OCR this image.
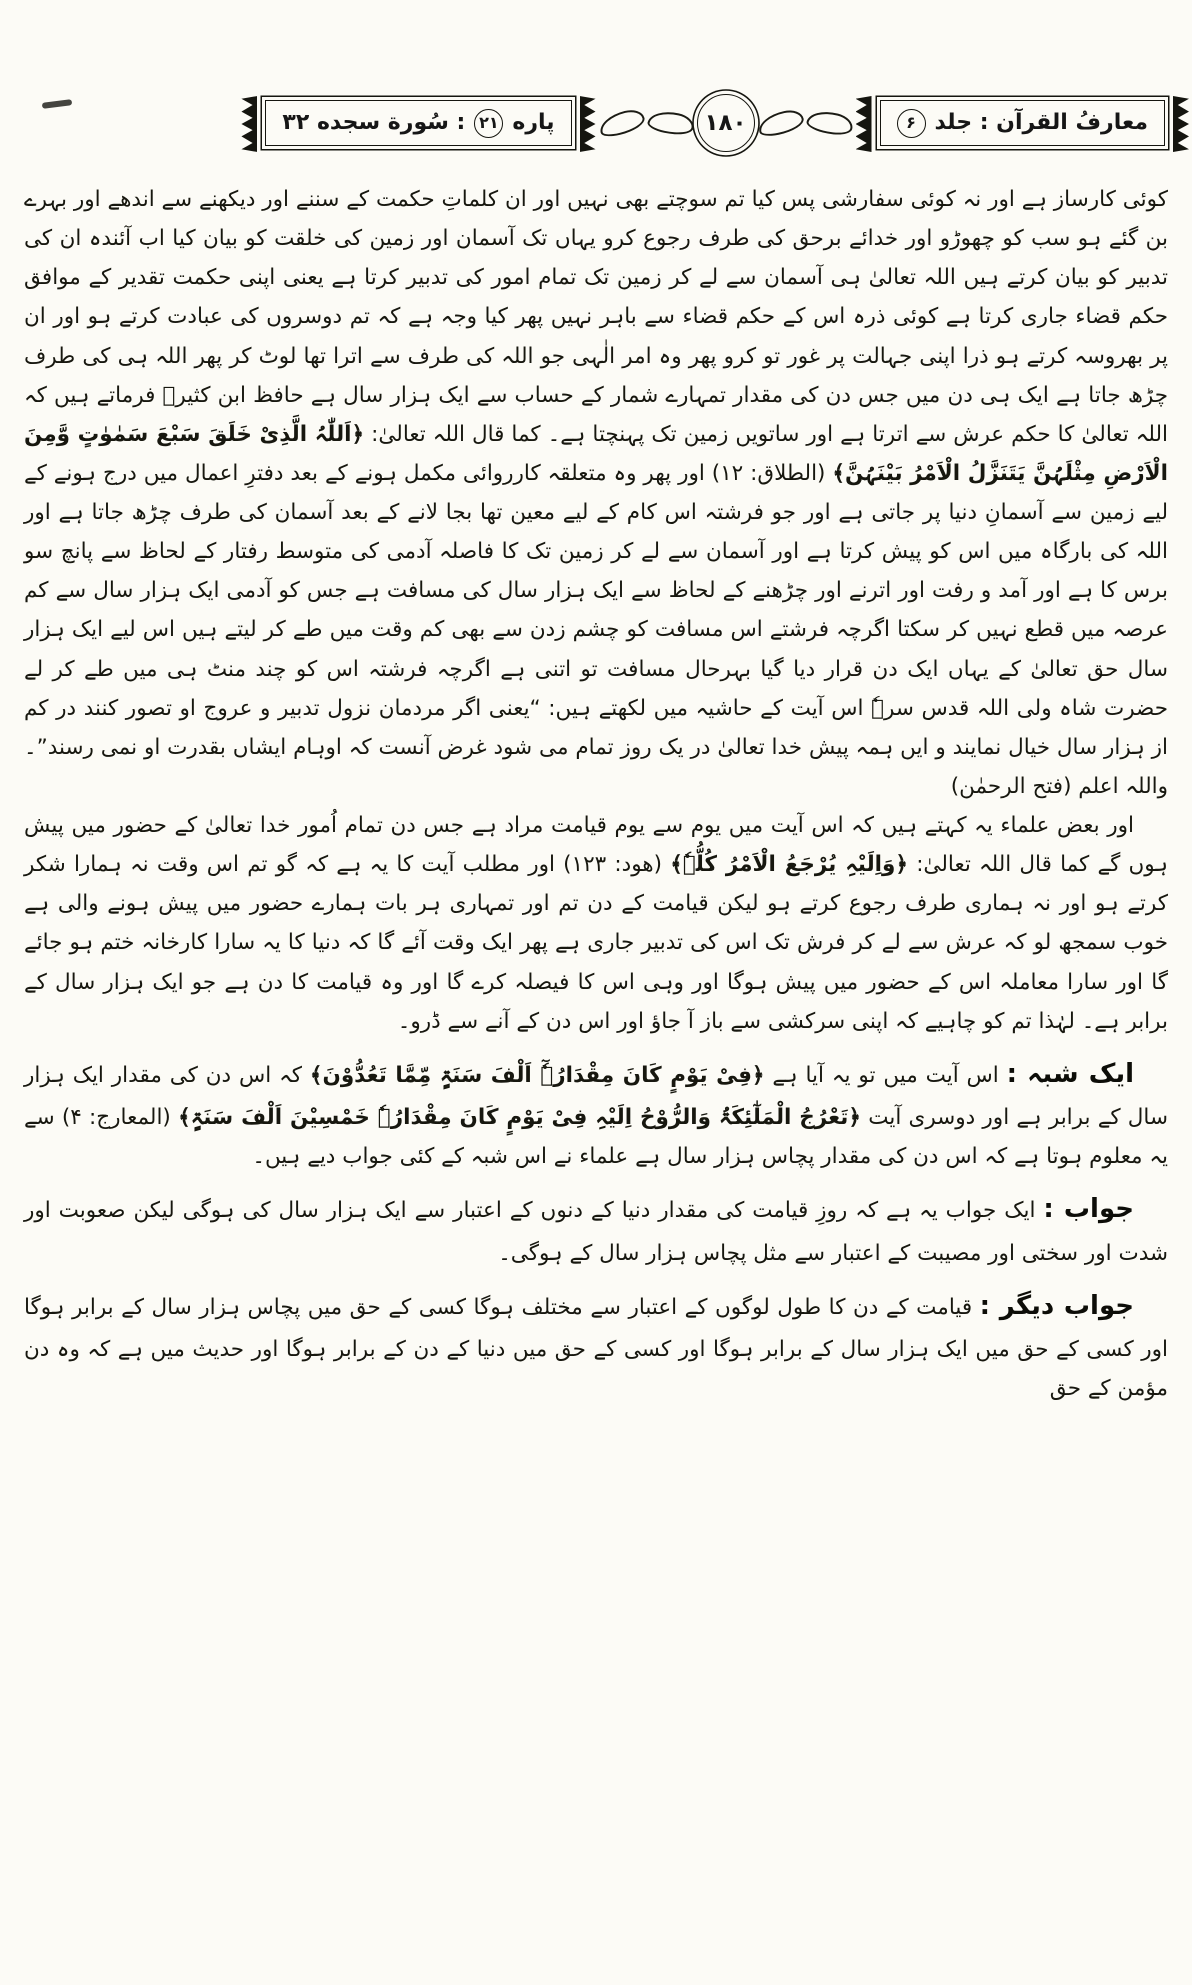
معارفُ القرآن : جلد
۶
۱۸۰
پاره
۲۱
: سُورة سجده ۳۲

کوئی کارساز ہے اور نہ کوئی سفارشی پس کیا تم سوچتے بھی نہیں اور ان کلماتِ حکمت کے سننے اور دیکھنے سے اندھے اور بہرے بن گئے ہو سب کو چھوڑو اور خدائے برحق کی طرف رجوع کرو یہاں تک آسمان اور زمین کی خلقت کو بیان کیا اب آئندہ ان کی تدبیر کو بیان کرتے ہیں اللہ تعالیٰ ہی آسمان سے لے کر زمین تک تمام امور کی تدبیر کرتا ہے یعنی اپنی حکمت تقدیر کے موافق حکم قضاء جاری کرتا ہے کوئی ذرہ اس کے حکم قضاء سے باہر نہیں پھر کیا وجہ ہے کہ تم دوسروں کی عبادت کرتے ہو اور ان پر بھروسہ کرتے ہو ذرا اپنی جہالت پر غور تو کرو پھر وہ امر الٰہی جو اللہ کی طرف سے اترا تھا لوٹ کر پھر اللہ ہی کی طرف چڑھ جاتا ہے ایک ہی دن میں جس دن کی مقدار تمہارے شمار کے حساب سے ایک ہزار سال ہے حافظ ابن کثیرؒ فرماتے ہیں کہ اللہ تعالیٰ کا حکم عرش سے اترتا ہے اور ساتویں زمین تک پہنچتا ہے۔ کما قال اللہ تعالیٰ: ﴿اَللّٰہُ الَّذِیْ خَلَقَ سَبْعَ سَمٰوٰتٍ وَّمِنَ الْاَرْضِ مِثْلَہُنَّ یَتَنَزَّلُ الْاَمْرُ بَیْنَہُنَّ﴾ (الطلاق: ۱۲) اور پھر وہ متعلقہ کارروائی مکمل ہونے کے بعد دفترِ اعمال میں درج ہونے کے لیے زمین سے آسمانِ دنیا پر جاتی ہے اور جو فرشتہ اس کام کے لیے معین تھا بجا لانے کے بعد آسمان کی طرف چڑھ جاتا ہے اور اللہ کی بارگاہ میں اس کو پیش کرتا ہے اور آسمان سے لے کر زمین تک کا فاصلہ آدمی کی متوسط رفتار کے لحاظ سے پانچ سو برس کا ہے اور آمد و رفت اور اترنے اور چڑھنے کے لحاظ سے ایک ہزار سال کی مسافت ہے جس کو آدمی ایک ہزار سال سے کم عرصہ میں قطع نہیں کر سکتا اگرچہ فرشتے اس مسافت کو چشم زدن سے بھی کم وقت میں طے کر لیتے ہیں اس لیے ایک ہزار سال حق تعالیٰ کے یہاں ایک دن قرار دیا گیا بہرحال مسافت تو اتنی ہے اگرچہ فرشتہ اس کو چند منٹ ہی میں طے کر لے حضرت شاہ ولی اللہ قدس سرہٗ اس آیت کے حاشیہ میں لکھتے ہیں: “یعنی اگر مردمان نزول تدبیر و عروج او تصور کنند در کم از ہزار سال خیال نمایند و ایں ہمہ پیش خدا تعالیٰ در یک روز تمام می شود غرض آنست کہ اوہام ایشاں بقدرت او نمی رسند”۔ واللہ اعلم (فتح الرحمٰن)

اور بعض علماء یہ کہتے ہیں کہ اس آیت میں یوم سے یوم قیامت مراد ہے جس دن تمام اُمور خدا تعالیٰ کے حضور میں پیش ہوں گے کما قال اللہ تعالیٰ: ﴿وَاِلَیْہِ یُرْجَعُ الْاَمْرُ کُلُّہٗ﴾ (ھود: ۱۲۳) اور مطلب آیت کا یہ ہے کہ گو تم اس وقت نہ ہمارا شکر کرتے ہو اور نہ ہماری طرف رجوع کرتے ہو لیکن قیامت کے دن تم اور تمہاری ہر بات ہمارے حضور میں پیش ہونے والی ہے خوب سمجھ لو کہ عرش سے لے کر فرش تک اس کی تدبیر جاری ہے پھر ایک وقت آئے گا کہ دنیا کا یہ سارا کارخانہ ختم ہو جائے گا اور سارا معاملہ اس کے حضور میں پیش ہوگا اور وہی اس کا فیصلہ کرے گا اور وہ قیامت کا دن ہے جو ایک ہزار سال کے برابر ہے۔ لہٰذا تم کو چاہیے کہ اپنی سرکشی سے باز آ جاؤ اور اس دن کے آنے سے ڈرو۔

ایک شبہ : اس آیت میں تو یہ آیا ہے ﴿فِیْ یَوْمٍ کَانَ مِقْدَارُہٗٓ اَلْفَ سَنَۃٍ مِّمَّا تَعُدُّوْنَ﴾ کہ اس دن کی مقدار ایک ہزار سال کے برابر ہے اور دوسری آیت ﴿تَعْرُجُ الْمَلٰٓئِکَۃُ وَالرُّوْحُ اِلَیْہِ فِیْ یَوْمٍ کَانَ مِقْدَارُہٗ خَمْسِیْنَ اَلْفَ سَنَۃٍ﴾ (المعارج: ۴) سے یہ معلوم ہوتا ہے کہ اس دن کی مقدار پچاس ہزار سال ہے علماء نے اس شبہ کے کئی جواب دیے ہیں۔

جواب : ایک جواب یہ ہے کہ روزِ قیامت کی مقدار دنیا کے دنوں کے اعتبار سے ایک ہزار سال کی ہوگی لیکن صعوبت اور شدت اور سختی اور مصیبت کے اعتبار سے مثل پچاس ہزار سال کے ہوگی۔

جواب دیگر : قیامت کے دن کا طول لوگوں کے اعتبار سے مختلف ہوگا کسی کے حق میں پچاس ہزار سال کے برابر ہوگا اور کسی کے حق میں ایک ہزار سال کے برابر ہوگا اور کسی کے حق میں دنیا کے دن کے برابر ہوگا اور حدیث میں ہے کہ وہ دن مؤمن کے حق
